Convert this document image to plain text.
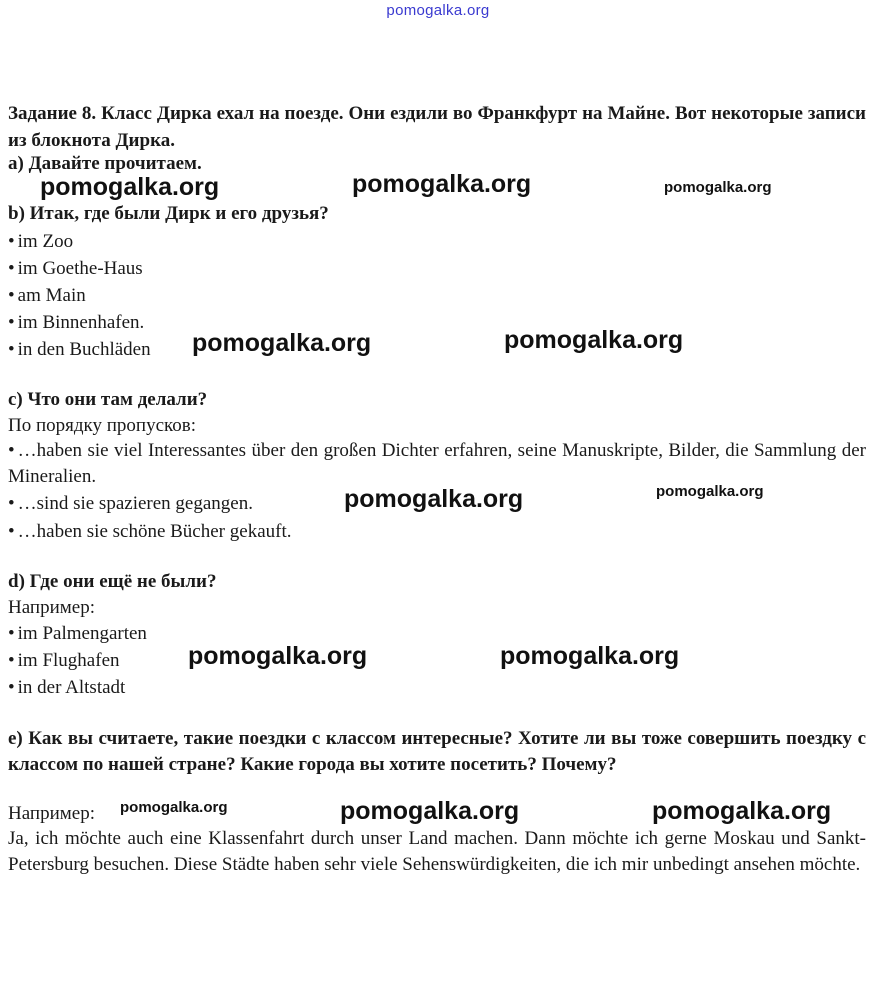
pomogalka.org
Задание 8. Класс Дирка ехал на поезде. Они ездили во Франкфурт на Майне. Вот некоторые записи из блокнота Дирка.
a) Давайте прочитаем.
b) Итак, где были Дирк и его друзья?
• im Zoo
• im Goethe-Haus
• am Main
• im Binnenhafen.
• in den Buchläden
c) Что они там делали?
По порядку пропусков:
• …haben sie viel Interessantes über den großen Dichter erfahren, seine Manuskripte, Bilder, die Sammlung der Mineralien.
• …sind sie spazieren gegangen.
• …haben sie schöne Bücher gekauft.
d) Где они ещё не были?
Например:
• im Palmengarten
• im Flughafen
• in der Altstadt
e) Как вы считаете, такие поездки с классом интересные? Хотите ли вы тоже совершить поездку с классом по нашей стране? Какие города вы хотите посетить? Почему?
Например:
Ja, ich möchte auch eine Klassenfahrt durch unser Land machen. Dann möchte ich gerne Moskau und Sankt-Petersburg besuchen. Diese Städte haben sehr viele Sehenswürdigkeiten, die ich mir unbedingt ansehen möchte.
pomogalka.org	pomogalka.org	pomogalka.org
pomogalka.org	pomogalka.org
pomogalka.org	pomogalka.org
pomogalka.org	pomogalka.org
pomogalka.org	pomogalka.org	pomogalka.org
